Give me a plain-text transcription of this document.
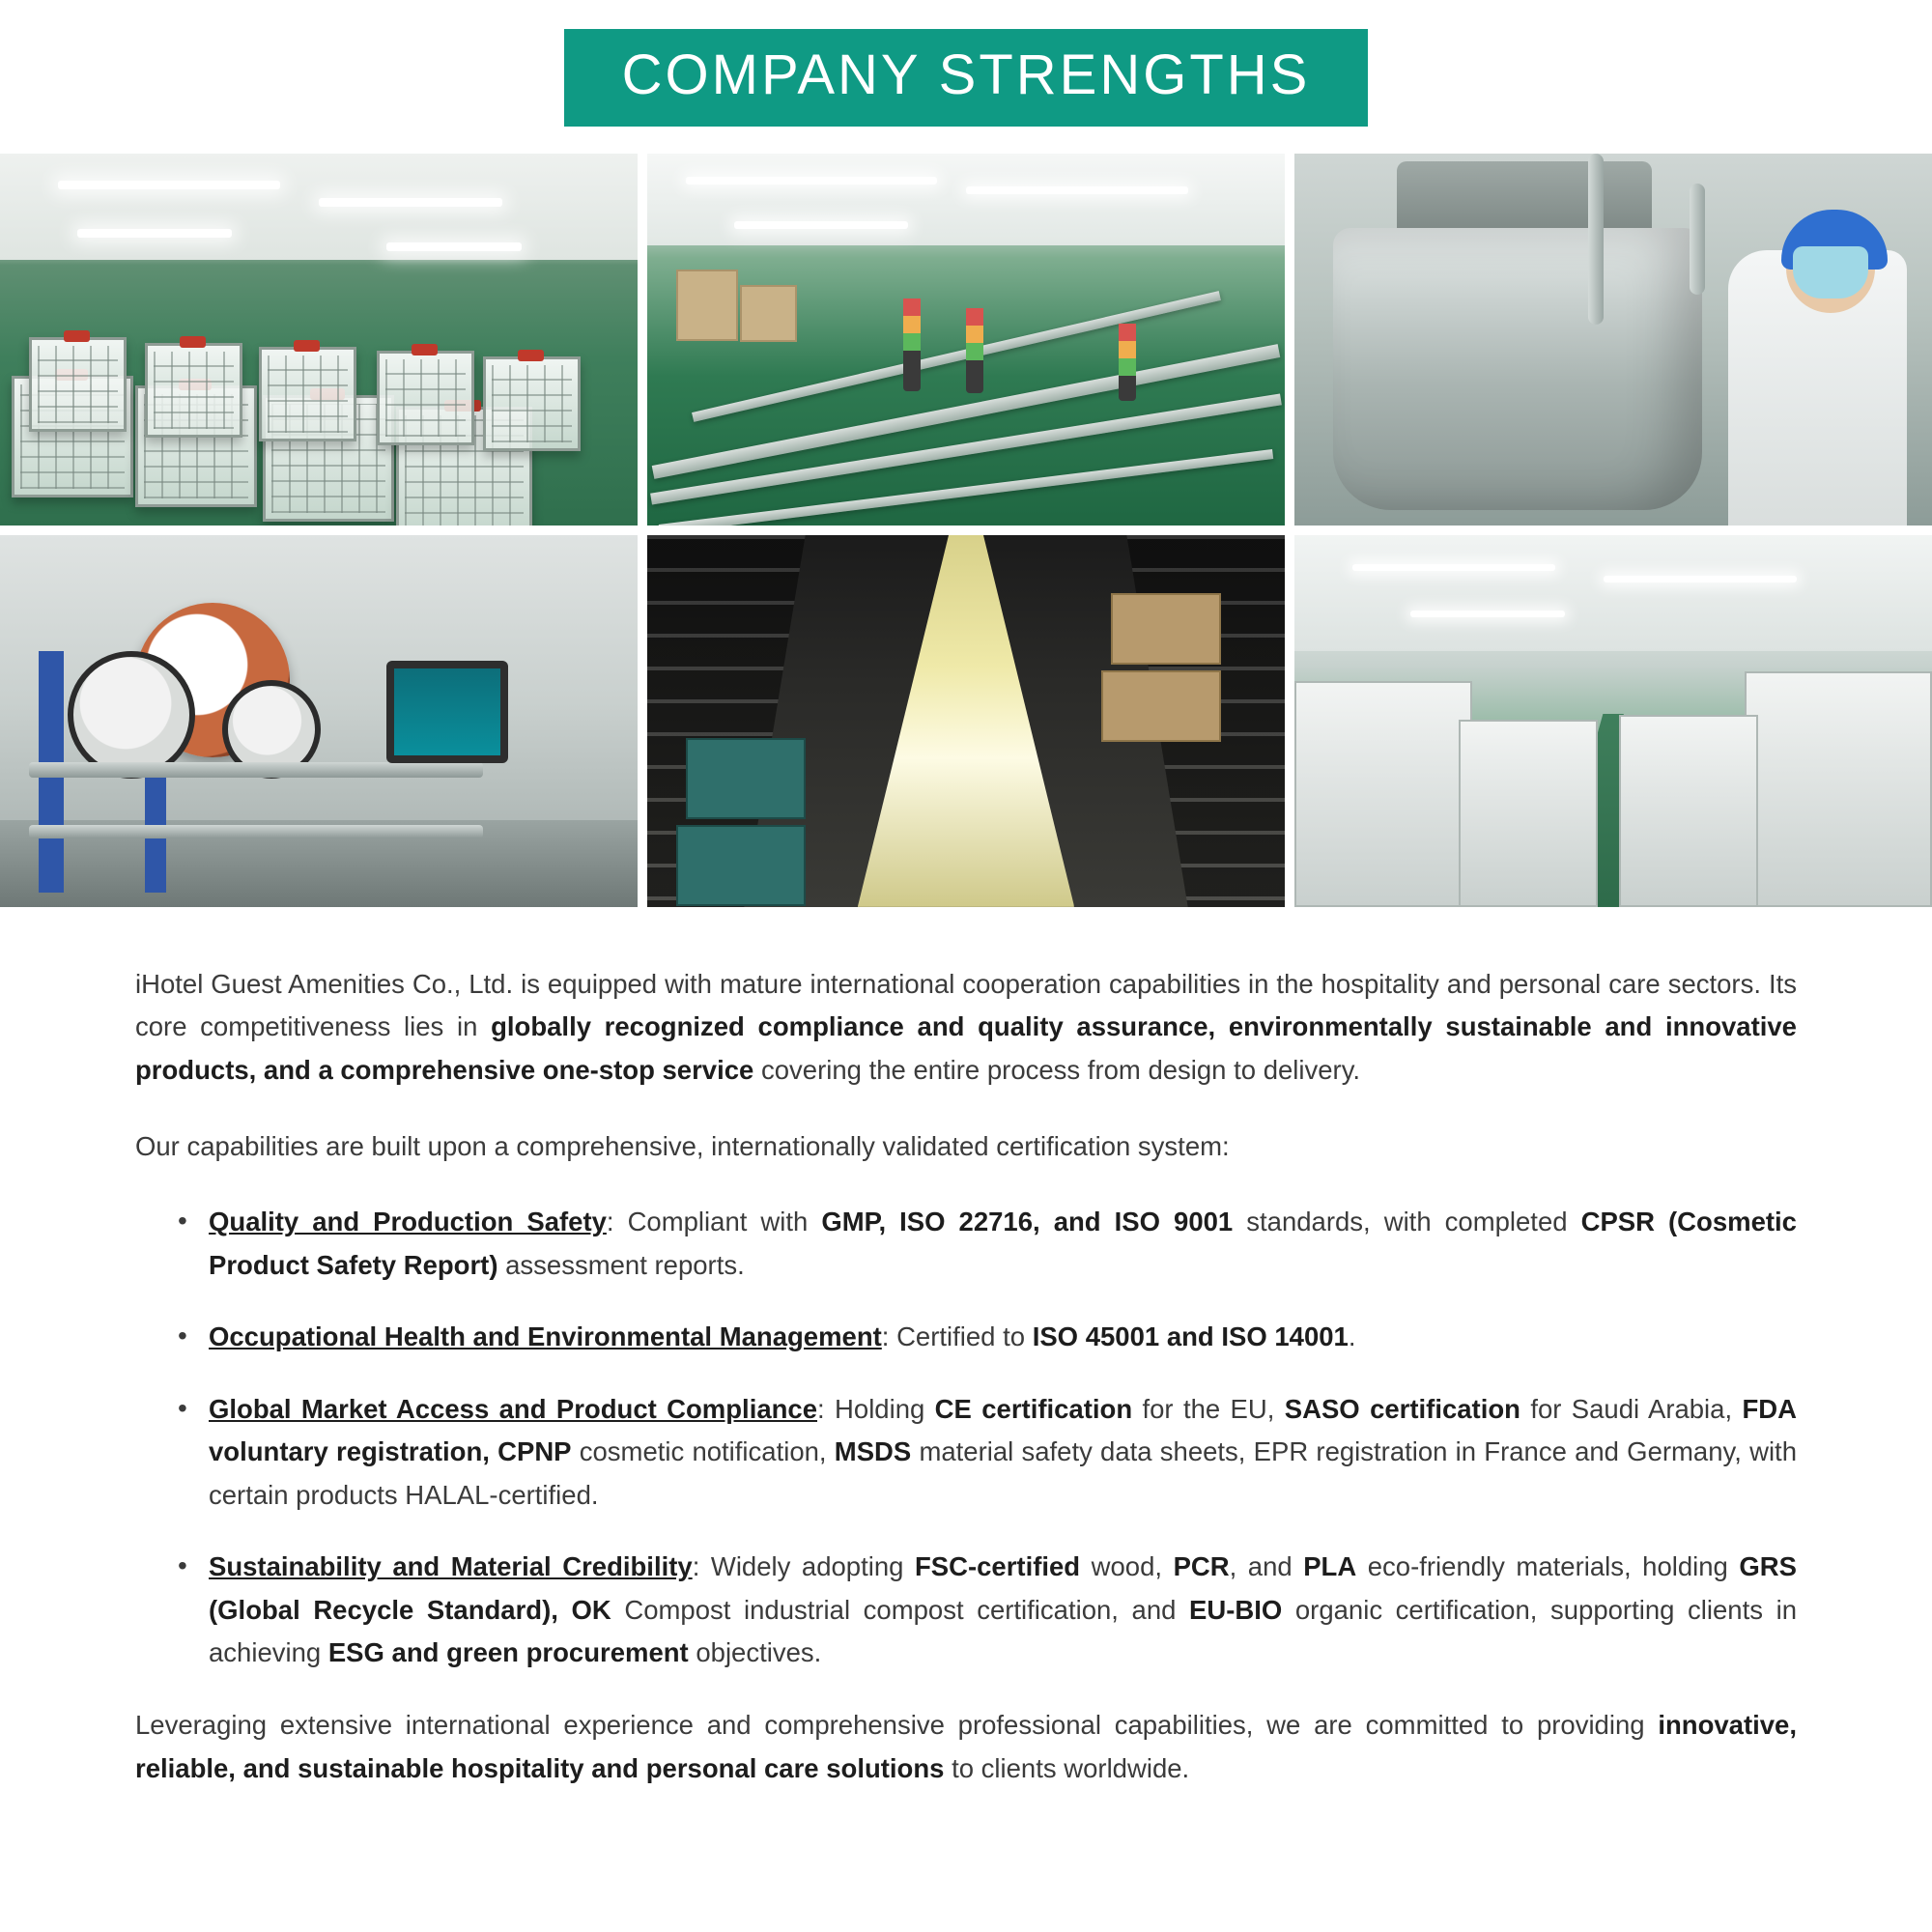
COMPANY STRENGTHS

iHotel Guest Amenities Co., Ltd. is equipped with mature international cooperation capabilities in the hospitality and personal care sectors. Its core competitiveness lies in globally recognized compliance and quality assurance, environmentally sustainable and innovative products, and a comprehensive one-stop service covering the entire process from design to delivery.

Our capabilities are built upon a comprehensive, internationally validated certification system:

• Quality and Production Safety: Compliant with GMP, ISO 22716, and ISO 9001 standards, with completed CPSR (Cosmetic Product Safety Report) assessment reports.
• Occupational Health and Environmental Management: Certified to ISO 45001 and ISO 14001.
• Global Market Access and Product Compliance: Holding CE certification for the EU, SASO certification for Saudi Arabia, FDA voluntary registration, CPNP cosmetic notification, MSDS material safety data sheets, EPR registration in France and Germany, with certain products HALAL-certified.
• Sustainability and Material Credibility: Widely adopting FSC-certified wood, PCR, and PLA eco-friendly materials, holding GRS (Global Recycle Standard), OK Compost industrial compost certification, and EU-BIO organic certification, supporting clients in achieving ESG and green procurement objectives.

Leveraging extensive international experience and comprehensive professional capabilities, we are committed to providing innovative, reliable, and sustainable hospitality and personal care solutions to clients worldwide.
